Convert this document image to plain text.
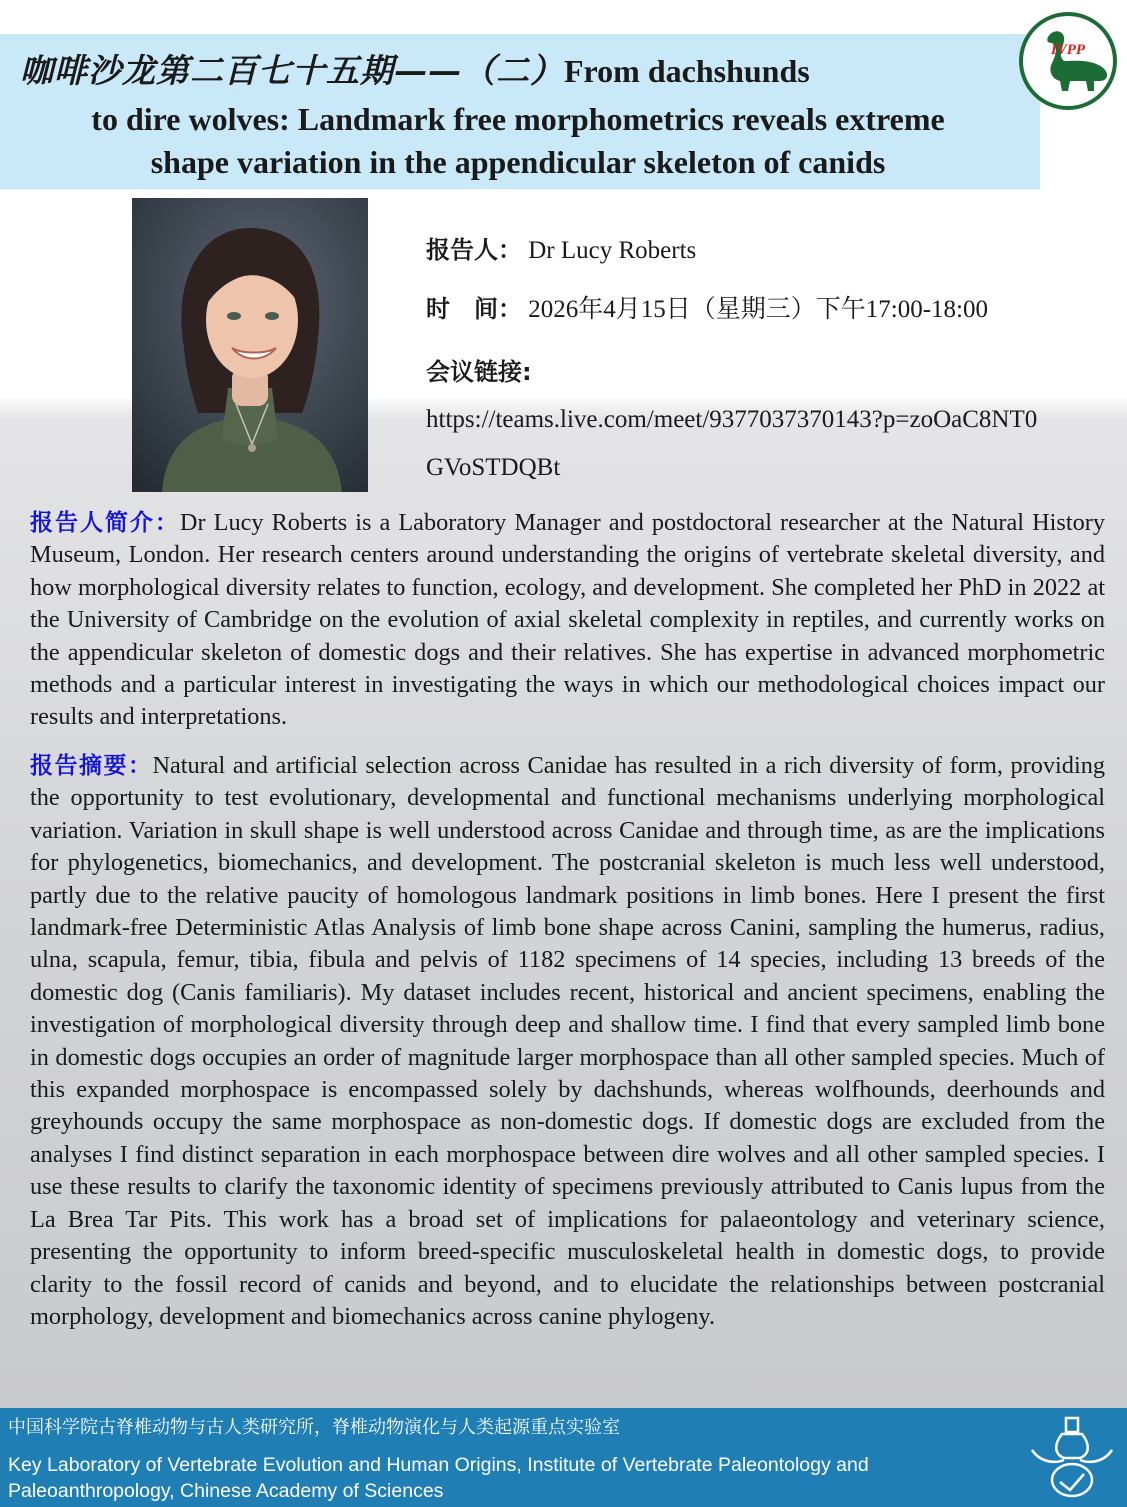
咖啡沙龙第二百七十五期——（二）From dachshunds
to dire wolves: Landmark free morphometrics reveals extreme
shape variation in the appendicular skeleton of canids
IVPP
报告人： Dr Lucy Roberts
时　间： 2026年4月15日（星期三）下午17:00-18:00
会议链接:
https://teams.live.com/meet/9377037370143?p=zoOaC8NT0
GVoSTDQBt
报告人简介：Dr Lucy Roberts is a Laboratory Manager and postdoctoral researcher at the Natural History Museum, London. Her research centers around understanding the origins of vertebrate skeletal diversity, and how morphological diversity relates to function, ecology, and development. She completed her PhD in 2022 at the University of Cambridge on the evolution of axial skeletal complexity in reptiles, and currently works on the appendicular skeleton of domestic dogs and their relatives. She has expertise in advanced morphometric methods and a particular interest in investigating the ways in which our methodological choices impact our results and interpretations.
报告摘要：Natural and artificial selection across Canidae has resulted in a rich diversity of form, providing the opportunity to test evolutionary, developmental and functional mechanisms underlying morphological variation. Variation in skull shape is well understood across Canidae and through time, as are the implications for phylogenetics, biomechanics, and development. The postcranial skeleton is much less well understood, partly due to the relative paucity of homologous landmark positions in limb bones. Here I present the first landmark-free Deterministic Atlas Analysis of limb bone shape across Canini, sampling the humerus, radius, ulna, scapula, femur, tibia, fibula and pelvis of 1182 specimens of 14 species, including 13 breeds of the domestic dog (Canis familiaris). My dataset includes recent, historical and ancient specimens, enabling the investigation of morphological diversity through deep and shallow time. I find that every sampled limb bone in domestic dogs occupies an order of magnitude larger morphospace than all other sampled species. Much of this expanded morphospace is encompassed solely by dachshunds, whereas wolfhounds, deerhounds and greyhounds occupy the same morphospace as non-domestic dogs. If domestic dogs are excluded from the analyses I find distinct separation in each morphospace between dire wolves and all other sampled species. I use these results to clarify the taxonomic identity of specimens previously attributed to Canis lupus from the La Brea Tar Pits. This work has a broad set of implications for palaeontology and veterinary science, presenting the opportunity to inform breed-specific musculoskeletal health in domestic dogs, to provide clarity to the fossil record of canids and beyond, and to elucidate the relationships between postcranial morphology, development and biomechanics across canine phylogeny.
中国科学院古脊椎动物与古人类研究所，脊椎动物演化与人类起源重点实验室
Key Laboratory of Vertebrate Evolution and Human Origins, Institute of Vertebrate Paleontology and Paleoanthropology, Chinese Academy of Sciences
